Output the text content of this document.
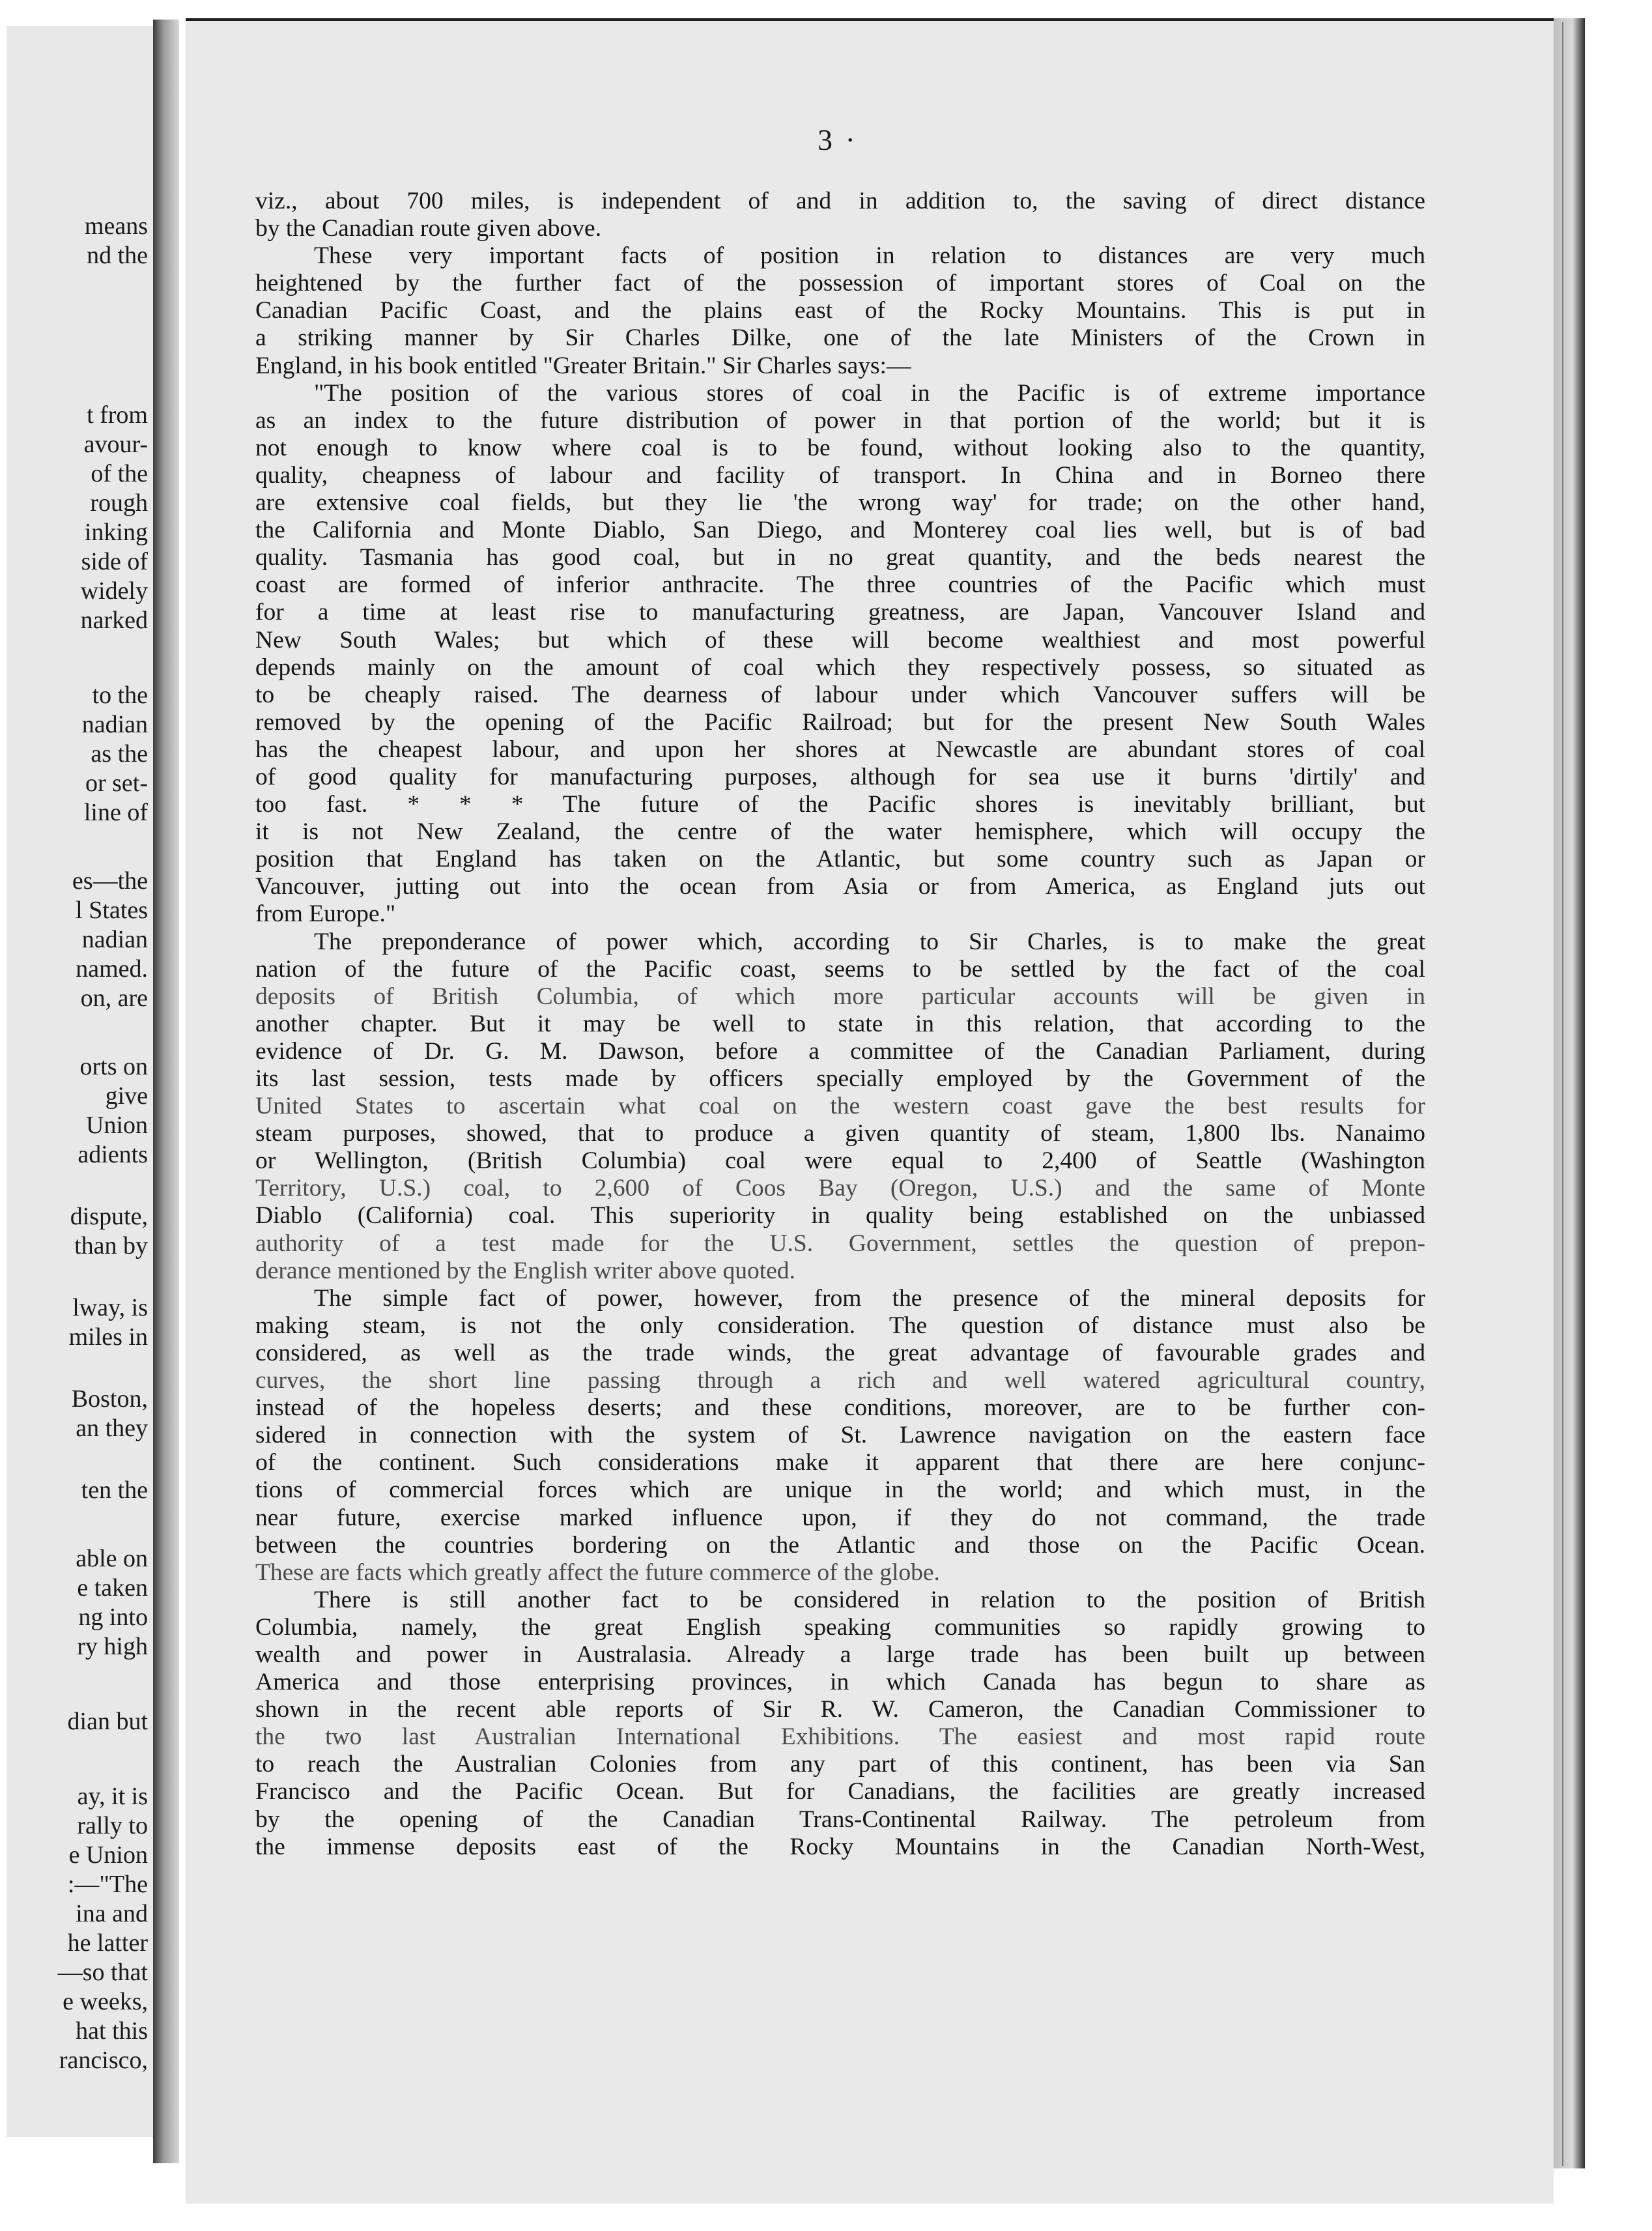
means
nd the
t from
avour-
of the
rough
inking
side of
widely
narked
to the
nadian
as the
or set-
line of
es—the
l States
nadian
named.
on, are
orts on
give
Union
adients
dispute,
than by
lway, is
miles in
Boston,
an they
ten the
able on
e taken
ng into
ry high
dian but
ay, it is
rally to
e Union
:—"The
ina and
he latter
—so that
e weeks,
hat this
rancisco,
3 ·
viz., about 700 miles, is independent of and in addition to, the saving of direct distance
by the Canadian route given above.
These very important facts of position in relation to distances are very much
heightened by the further fact of the possession of important stores of Coal on the
Canadian Pacific Coast, and the plains east of the Rocky Mountains. This is put in
a striking manner by Sir Charles Dilke, one of the late Ministers of the Crown in
England, in his book entitled "Greater Britain." Sir Charles says:—
"The position of the various stores of coal in the Pacific is of extreme importance
as an index to the future distribution of power in that portion of the world; but it is
not enough to know where coal is to be found, without looking also to the quantity,
quality, cheapness of labour and facility of transport. In China and in Borneo there
are extensive coal fields, but they lie 'the wrong way' for trade; on the other hand,
the California and Monte Diablo, San Diego, and Monterey coal lies well, but is of bad
quality. Tasmania has good coal, but in no great quantity, and the beds nearest the
coast are formed of inferior anthracite. The three countries of the Pacific which must
for a time at least rise to manufacturing greatness, are Japan, Vancouver Island and
New South Wales; but which of these will become wealthiest and most powerful
depends mainly on the amount of coal which they respectively possess, so situated as
to be cheaply raised. The dearness of labour under which Vancouver suffers will be
removed by the opening of the Pacific Railroad; but for the present New South Wales
has the cheapest labour, and upon her shores at Newcastle are abundant stores of coal
of good quality for manufacturing purposes, although for sea use it burns 'dirtily' and
too fast. * * * The future of the Pacific shores is inevitably brilliant, but
it is not New Zealand, the centre of the water hemisphere, which will occupy the
position that England has taken on the Atlantic, but some country such as Japan or
Vancouver, jutting out into the ocean from Asia or from America, as England juts out
from Europe."
The preponderance of power which, according to Sir Charles, is to make the great
nation of the future of the Pacific coast, seems to be settled by the fact of the coal
deposits of British Columbia, of which more particular accounts will be given in
another chapter. But it may be well to state in this relation, that according to the
evidence of Dr. G. M. Dawson, before a committee of the Canadian Parliament, during
its last session, tests made by officers specially employed by the Government of the
United States to ascertain what coal on the western coast gave the best results for
steam purposes, showed, that to produce a given quantity of steam, 1,800 lbs. Nanaimo
or Wellington, (British Columbia) coal were equal to 2,400 of Seattle (Washington
Territory, U.S.) coal, to 2,600 of Coos Bay (Oregon, U.S.) and the same of Monte
Diablo (California) coal. This superiority in quality being established on the unbiassed
authority of a test made for the U.S. Government, settles the question of prepon-
derance mentioned by the English writer above quoted.
The simple fact of power, however, from the presence of the mineral deposits for
making steam, is not the only consideration. The question of distance must also be
considered, as well as the trade winds, the great advantage of favourable grades and
curves, the short line passing through a rich and well watered agricultural country,
instead of the hopeless deserts; and these conditions, moreover, are to be further con-
sidered in connection with the system of St. Lawrence navigation on the eastern face
of the continent. Such considerations make it apparent that there are here conjunc-
tions of commercial forces which are unique in the world; and which must, in the
near future, exercise marked influence upon, if they do not command, the trade
between the countries bordering on the Atlantic and those on the Pacific Ocean.
These are facts which greatly affect the future commerce of the globe.
There is still another fact to be considered in relation to the position of British
Columbia, namely, the great English speaking communities so rapidly growing to
wealth and power in Australasia. Already a large trade has been built up between
America and those enterprising provinces, in which Canada has begun to share as
shown in the recent able reports of Sir R. W. Cameron, the Canadian Commissioner to
the two last Australian International Exhibitions. The easiest and most rapid route
to reach the Australian Colonies from any part of this continent, has been via San
Francisco and the Pacific Ocean. But for Canadians, the facilities are greatly increased
by the opening of the Canadian Trans-Continental Railway. The petroleum from
the immense deposits east of the Rocky Mountains in the Canadian North-West,
